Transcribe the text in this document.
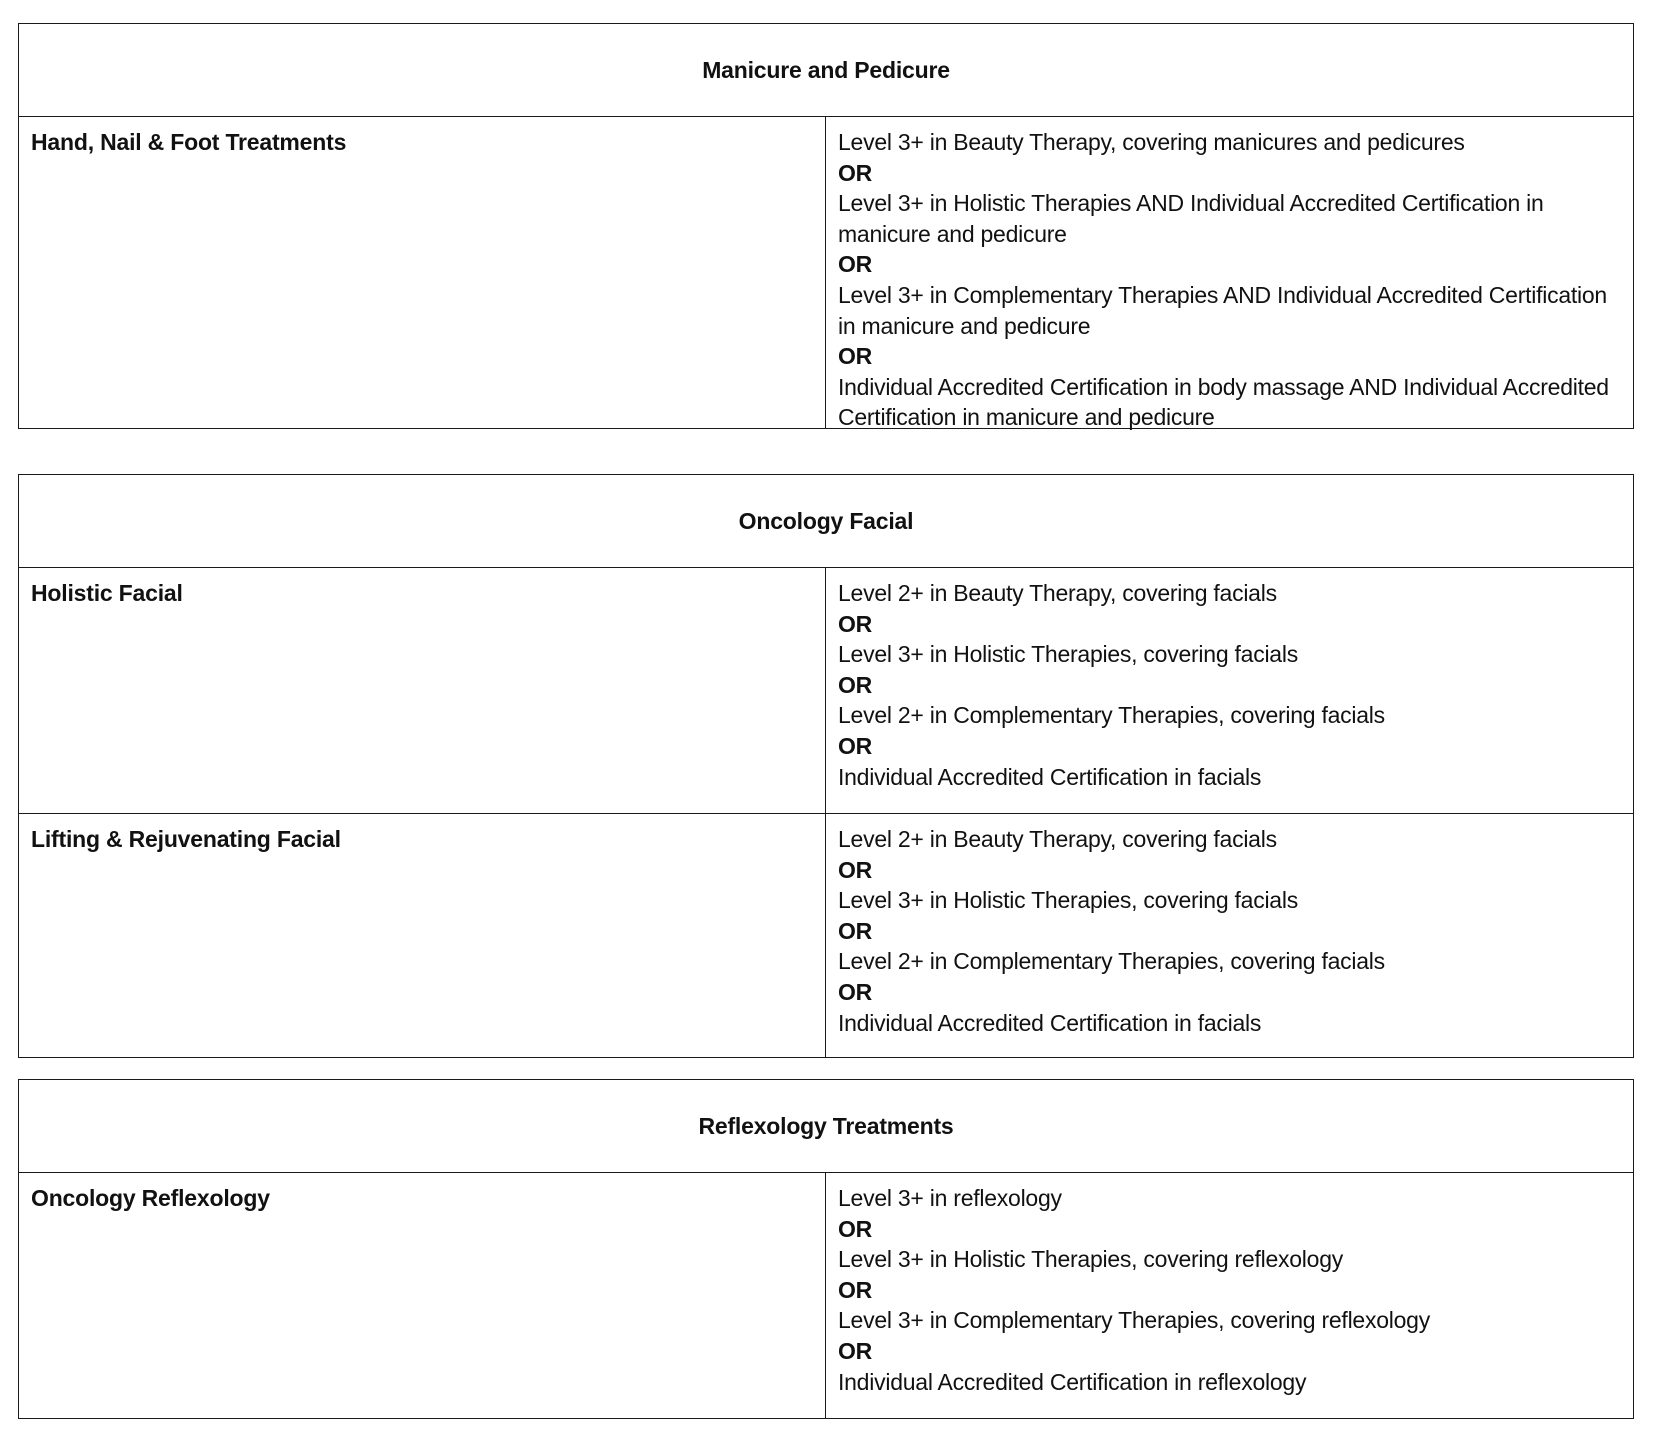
Manicure and Pedicure
Hand, Nail & Foot Treatments	Level 3+ in Beauty Therapy, covering manicures and pedicures
OR
Level 3+ in Holistic Therapies AND Individual Accredited Certification in manicure and pedicure
OR
Level 3+ in Complementary Therapies AND Individual Accredited Certification in manicure and pedicure
OR
Individual Accredited Certification in body massage AND Individual Accredited Certification in manicure and pedicure
Oncology Facial
Holistic Facial	Level 2+ in Beauty Therapy, covering facials
OR
Level 3+ in Holistic Therapies, covering facials
OR
Level 2+ in Complementary Therapies, covering facials
OR
Individual Accredited Certification in facials
Lifting & Rejuvenating Facial	Level 2+ in Beauty Therapy, covering facials
OR
Level 3+ in Holistic Therapies, covering facials
OR
Level 2+ in Complementary Therapies, covering facials
OR
Individual Accredited Certification in facials
Reflexology Treatments
Oncology Reflexology	Level 3+ in reflexology
OR
Level 3+ in Holistic Therapies, covering reflexology
OR
Level 3+ in Complementary Therapies, covering reflexology
OR
Individual Accredited Certification in reflexology
